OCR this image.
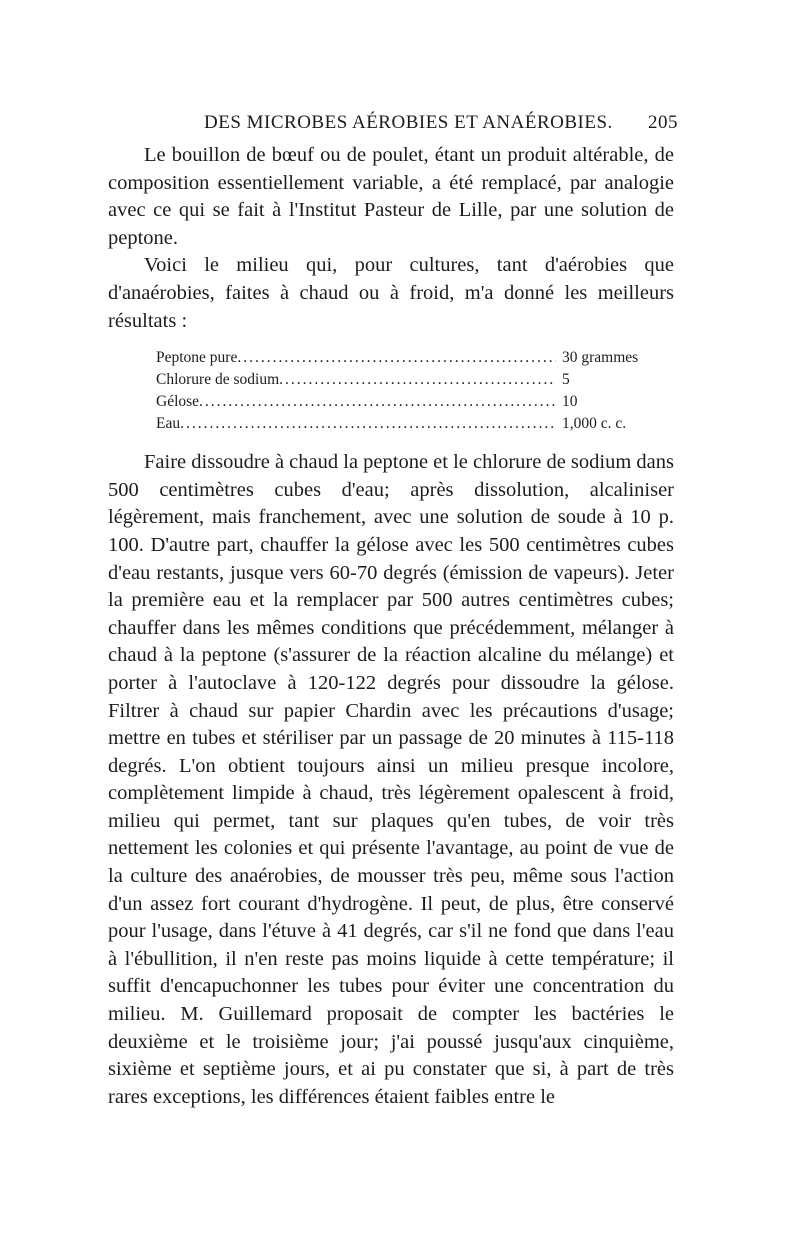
DES MICROBES AÉROBIES ET ANAÉROBIES. 205

Le bouillon de bœuf ou de poulet, étant un produit altérable, de composition essentiellement variable, a été remplacé, par analogie avec ce qui se fait à l'Institut Pasteur de Lille, par une solution de peptone.

Voici le milieu qui, pour cultures, tant d'aérobies que d'anaérobies, faites à chaud ou à froid, m'a donné les meilleurs résultats :

Peptone pure .....	30 grammes
Chlorure de sodium .....	5
Gélose .....	10
Eau .....	1,000 c. c.

Faire dissoudre à chaud la peptone et le chlorure de sodium dans 500 centimètres cubes d'eau; après dissolution, alcaliniser légèrement, mais franchement, avec une solution de soude à 10 p. 100. D'autre part, chauffer la gélose avec les 500 centimètres cubes d'eau restants, jusque vers 60-70 degrés (émission de vapeurs). Jeter la première eau et la remplacer par 500 autres centimètres cubes; chauffer dans les mêmes conditions que précédemment, mélanger à chaud à la peptone (s'assurer de la réaction alcaline du mélange) et porter à l'autoclave à 120-122 degrés pour dissoudre la gélose. Filtrer à chaud sur papier Chardin avec les précautions d'usage; mettre en tubes et stériliser par un passage de 20 minutes à 115-118 degrés. L'on obtient toujours ainsi un milieu presque incolore, complètement limpide à chaud, très légèrement opalescent à froid, milieu qui permet, tant sur plaques qu'en tubes, de voir très nettement les colonies et qui présente l'avantage, au point de vue de la culture des anaérobies, de mousser très peu, même sous l'action d'un assez fort courant d'hydrogène. Il peut, de plus, être conservé pour l'usage, dans l'étuve à 41 degrés, car s'il ne fond que dans l'eau à l'ébullition, il n'en reste pas moins liquide à cette température; il suffit d'encapuchonner les tubes pour éviter une concentration du milieu. M. Guillemard proposait de compter les bactéries le deuxième et le troisième jour; j'ai poussé jusqu'aux cinquième, sixième et septième jours, et ai pu constater que si, à part de très rares exceptions, les différences étaient faibles entre le
